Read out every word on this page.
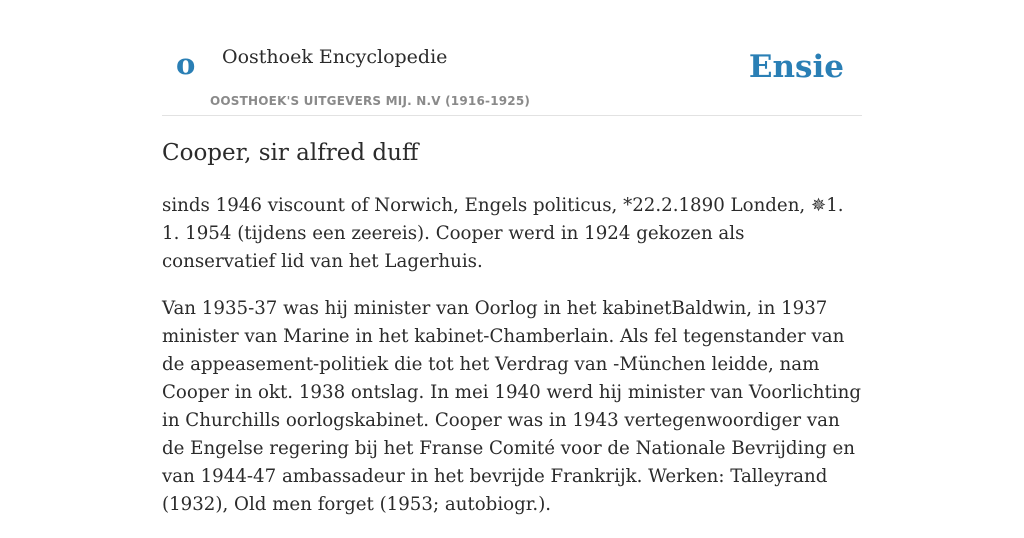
o Oosthoek Encyclopedie
OOSTHOEK'S UITGEVERS MIJ. N.V (1916-1925)
Ensie
Cooper, sir alfred duff

sinds 1946 viscount of Norwich, Engels politicus, *22.2.1890 Londen, ✵1. 1. 1954 (tijdens een zeereis). Cooper werd in 1924 gekozen als conservatief lid van het Lagerhuis.

Van 1935-37 was hij minister van Oorlog in het kabinetBaldwin, in 1937 minister van Marine in het kabinet-Chamberlain. Als fel tegenstander van de appeasement-politiek die tot het Verdrag van -München leidde, nam Cooper in okt. 1938 ontslag. In mei 1940 werd hij minister van Voorlichting in Churchills oorlogskabinet. Cooper was in 1943 vertegenwoordiger van de Engelse regering bij het Franse Comité voor de Nationale Bevrijding en van 1944-47 ambassadeur in het bevrijde Frankrijk. Werken: Talleyrand (1932), Old men forget (1953; autobiogr.).
